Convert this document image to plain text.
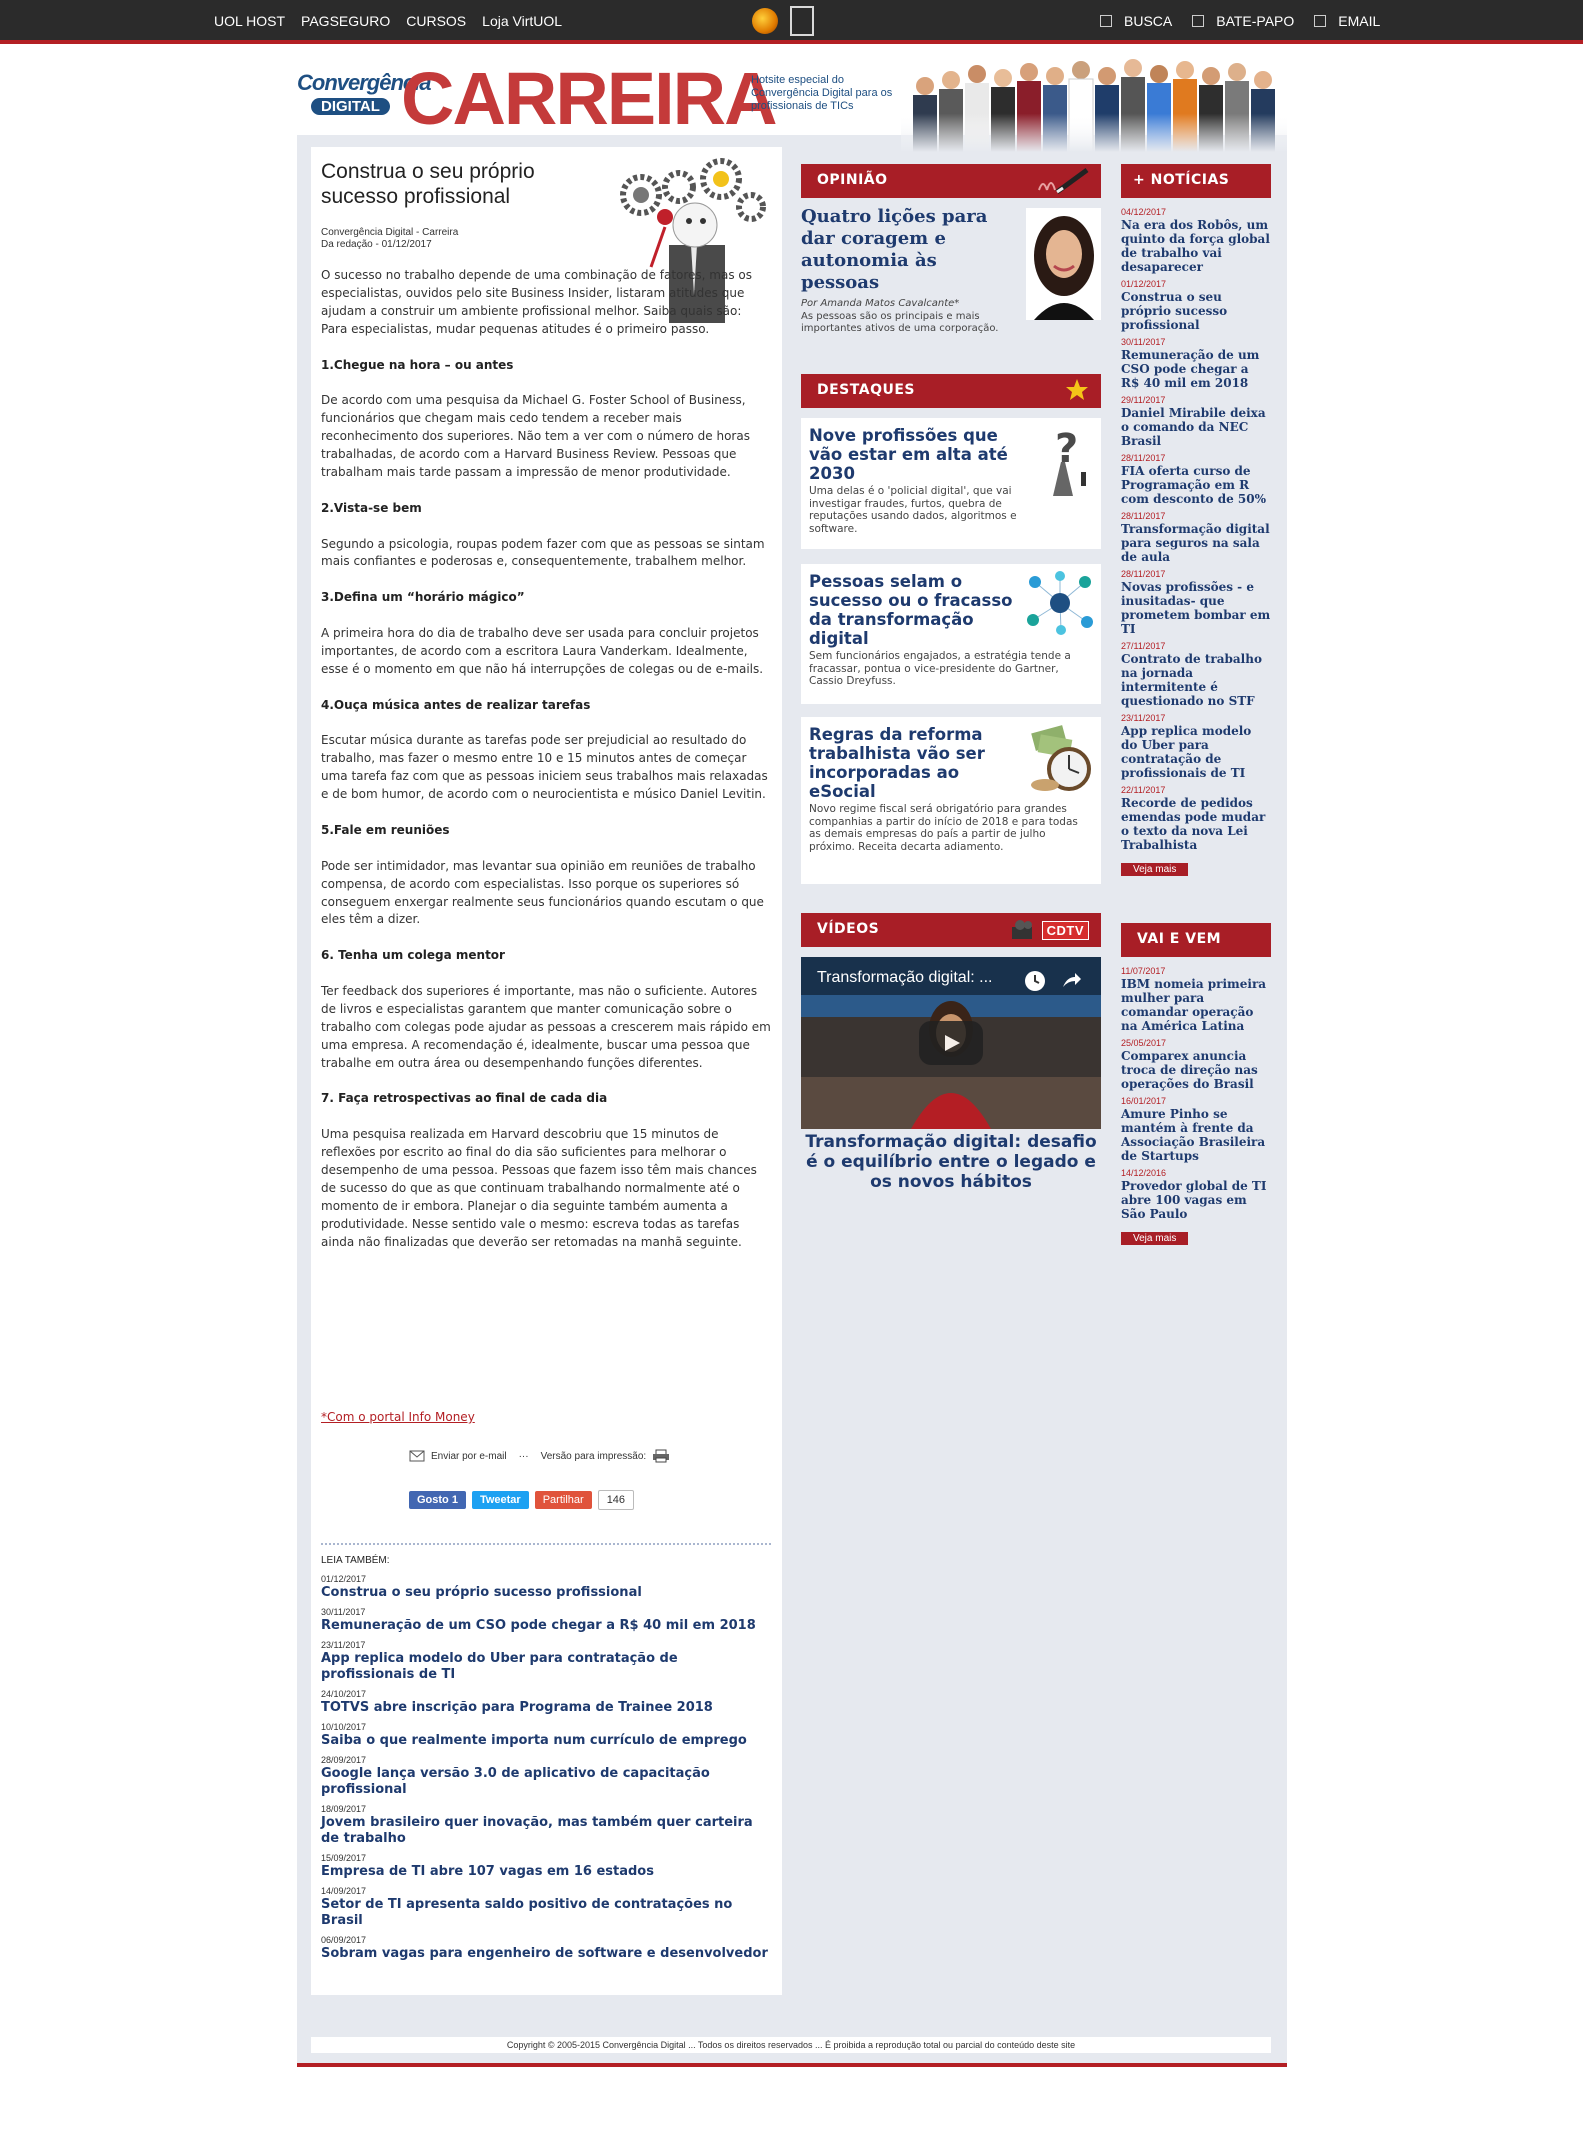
UOL HOST PAGSEGURO CURSOS Loja VirtUOL	BUSCA	BATE-PAPO	EMAIL
Convergência
DIGITAL CARREIRA
Hotsite especial do Convergência Digital para os profissionais de TICs
Construa o seu próprio sucesso profissional
Convergência Digital - Carreira
Da redação - 01/12/2017

O sucesso no trabalho depende de uma combinação de fatores, mas os especialistas, ouvidos pelo site Business Insider, listaram atitudes que ajudam a construir um ambiente profissional melhor. Saiba quais são: Para especialistas, mudar pequenas atitudes é o primeiro passo.

1.Chegue na hora – ou antes

De acordo com uma pesquisa da Michael G. Foster School of Business, funcionários que chegam mais cedo tendem a receber mais reconhecimento dos superiores. Não tem a ver com o número de horas trabalhadas, de acordo com a Harvard Business Review. Pessoas que trabalham mais tarde passam a impressão de menor produtividade.

2.Vista-se bem

Segundo a psicologia, roupas podem fazer com que as pessoas se sintam mais confiantes e poderosas e, consequentemente, trabalhem melhor.

3.Defina um “horário mágico”

A primeira hora do dia de trabalho deve ser usada para concluir projetos importantes, de acordo com a escritora Laura Vanderkam. Idealmente, esse é o momento em que não há interrupções de colegas ou de e-mails.

4.Ouça música antes de realizar tarefas

Escutar música durante as tarefas pode ser prejudicial ao resultado do trabalho, mas fazer o mesmo entre 10 e 15 minutos antes de começar uma tarefa faz com que as pessoas iniciem seus trabalhos mais relaxadas e de bom humor, de acordo com o neurocientista e músico Daniel Levitin.

5.Fale em reuniões

Pode ser intimidador, mas levantar sua opinião em reuniões de trabalho compensa, de acordo com especialistas. Isso porque os superiores só conseguem enxergar realmente seus funcionários quando escutam o que eles têm a dizer.

6. Tenha um colega mentor

Ter feedback dos superiores é importante, mas não o suficiente. Autores de livros e especialistas garantem que manter comunicação sobre o trabalho com colegas pode ajudar as pessoas a crescerem mais rápido em uma empresa. A recomendação é, idealmente, buscar uma pessoa que trabalhe em outra área ou desempenhando funções diferentes.

7. Faça retrospectivas ao final de cada dia

Uma pesquisa realizada em Harvard descobriu que 15 minutos de reflexões por escrito ao final do dia são suficientes para melhorar o desempenho de uma pessoa. Pessoas que fazem isso têm mais chances de sucesso do que as que continuam trabalhando normalmente até o momento de ir embora. Planejar o dia seguinte também aumenta a produtividade. Nesse sentido vale o mesmo: escreva todas as tarefas ainda não finalizadas que deverão ser retomadas na manhã seguinte.

*Com o portal Info Money
Enviar por e-mail ··· Versão para impressão:
Gosto 1	Tweetar	Partilhar	146
LEIA TAMBÉM:
01/12/2017
Construa o seu próprio sucesso profissional
30/11/2017
Remuneração de um CSO pode chegar a R$ 40 mil em 2018
23/11/2017
App replica modelo do Uber para contratação de profissionais de TI
24/10/2017
TOTVS abre inscrição para Programa de Trainee 2018
10/10/2017
Saiba o que realmente importa num currículo de emprego
28/09/2017
Google lança versão 3.0 de aplicativo de capacitação profissional
18/09/2017
Jovem brasileiro quer inovação, mas também quer carteira de trabalho
15/09/2017
Empresa de TI abre 107 vagas em 16 estados
14/09/2017
Setor de TI apresenta saldo positivo de contratações no Brasil
06/09/2017
Sobram vagas para engenheiro de software e desenvolvedor
OPINIÃO
Quatro lições para dar coragem e autonomia às pessoas
Por Amanda Matos Cavalcante*
As pessoas são os principais e mais importantes ativos de uma corporação.
DESTAQUES
Nove profissões que vão estar em alta até 2030
Uma delas é o 'policial digital', que vai investigar fraudes, furtos, quebra de reputações usando dados, algoritmos e software.
?
Pessoas selam o sucesso ou o fracasso da transformação digital
Sem funcionários engajados, a estratégia tende a fracassar, pontua o vice-presidente do Gartner, Cassio Dreyfuss.
Regras da reforma trabalhista vão ser incorporadas ao eSocial
Novo regime fiscal será obrigatório para grandes companhias a partir do início de 2018 e para todas as demais empresas do país a partir de julho próximo. Receita decarta adiamento.
VÍDEOS	CDTV
Transformação digital: ...
Transformação digital: desafio é o equilíbrio entre o legado e os novos hábitos
+ NOTÍCIAS
04/12/2017
Na era dos Robôs, um quinto da força global de trabalho vai desaparecer
01/12/2017
Construa o seu próprio sucesso profissional
30/11/2017
Remuneração de um CSO pode chegar a R$ 40 mil em 2018
29/11/2017
Daniel Mirabile deixa o comando da NEC Brasil
28/11/2017
FIA oferta curso de Programação em R com desconto de 50%
28/11/2017
Transformação digital para seguros na sala de aula
28/11/2017
Novas profissões - e inusitadas- que prometem bombar em TI
27/11/2017
Contrato de trabalho na jornada intermitente é questionado no STF
23/11/2017
App replica modelo do Uber para contratação de profissionais de TI
22/11/2017
Recorde de pedidos emendas pode mudar o texto da nova Lei Trabalhista
Veja mais
VAI E VEM
11/07/2017
IBM nomeia primeira mulher para comandar operação na América Latina
25/05/2017
Comparex anuncia troca de direção nas operações do Brasil
16/01/2017
Amure Pinho se mantém à frente da Associação Brasileira de Startups
14/12/2016
Provedor global de TI abre 100 vagas em São Paulo
Veja mais
Copyright © 2005-2015 Convergência Digital ... Todos os direitos reservados ... É proibida a reprodução total ou parcial do conteúdo deste site
